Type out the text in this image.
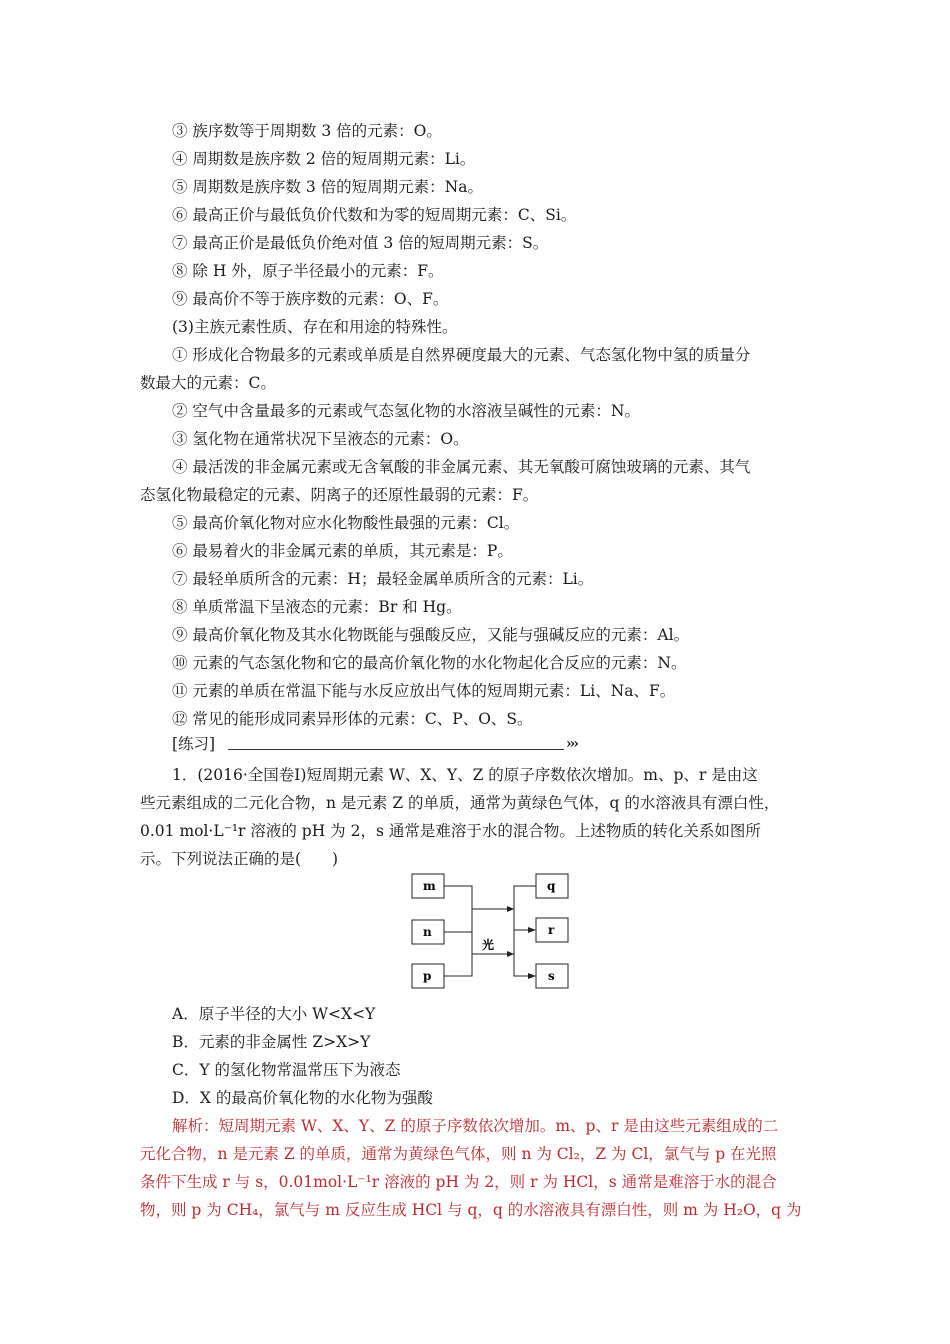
③ 族序数等于周期数 3 倍的元素：O。
④ 周期数是族序数 2 倍的短周期元素：Li。
⑤ 周期数是族序数 3 倍的短周期元素：Na。
⑥ 最高正价与最低负价代数和为零的短周期元素：C、Si。
⑦ 最高正价是最低负价绝对值 3 倍的短周期元素：S。
⑧ 除 H 外，原子半径最小的元素：F。
⑨ 最高价不等于族序数的元素：O、F。
(3)主族元素性质、存在和用途的特殊性。
① 形成化合物最多的元素或单质是自然界硬度最大的元素、气态氢化物中氢的质量分
数最大的元素：C。
② 空气中含量最多的元素或气态氢化物的水溶液呈碱性的元素：N。
③ 氢化物在通常状况下呈液态的元素：O。
④ 最活泼的非金属元素或无含氧酸的非金属元素、其无氧酸可腐蚀玻璃的元素、其气
态氢化物最稳定的元素、阴离子的还原性最弱的元素：F。
⑤ 最高价氧化物对应水化物酸性最强的元素：Cl。
⑥ 最易着火的非金属元素的单质，其元素是：P。
⑦ 最轻单质所含的元素：H；最轻金属单质所含的元素：Li。
⑧ 单质常温下呈液态的元素：Br 和 Hg。
⑨ 最高价氧化物及其水化物既能与强酸反应，又能与强碱反应的元素：Al。
⑩ 元素的气态氢化物和它的最高价氧化物的水化物起化合反应的元素：N。
⑪ 元素的单质在常温下能与水反应放出气体的短周期元素：Li、Na、F。
⑫ 常见的能形成同素异形体的元素：C、P、O、S。
[练习]	›››
1．(2016·全国卷Ⅰ)短周期元素 W、X、Y、Z 的原子序数依次增加。m、p、r 是由这
些元素组成的二元化合物，n 是元素 Z 的单质，通常为黄绿色气体，q 的水溶液具有漂白性，
0.01 mol·L⁻¹r 溶液的 pH 为 2，s 通常是难溶于水的混合物。上述物质的转化关系如图所
示。下列说法正确的是(　　)
m
n
p
q
r
s
光
A．原子半径的大小 W<X<Y
B．元素的非金属性 Z>X>Y
C．Y 的氢化物常温常压下为液态
D．X 的最高价氧化物的水化物为强酸
解析：短周期元素 W、X、Y、Z 的原子序数依次增加。m、p、r 是由这些元素组成的二
元化合物，n 是元素 Z 的单质，通常为黄绿色气体，则 n 为 Cl₂，Z 为 Cl，氯气与 p 在光照
条件下生成 r 与 s，0.01mol·L⁻¹r 溶液的 pH 为 2，则 r 为 HCl，s 通常是难溶于水的混合
物，则 p 为 CH₄，氯气与 m 反应生成 HCl 与 q，q 的水溶液具有漂白性，则 m 为 H₂O，q 为
